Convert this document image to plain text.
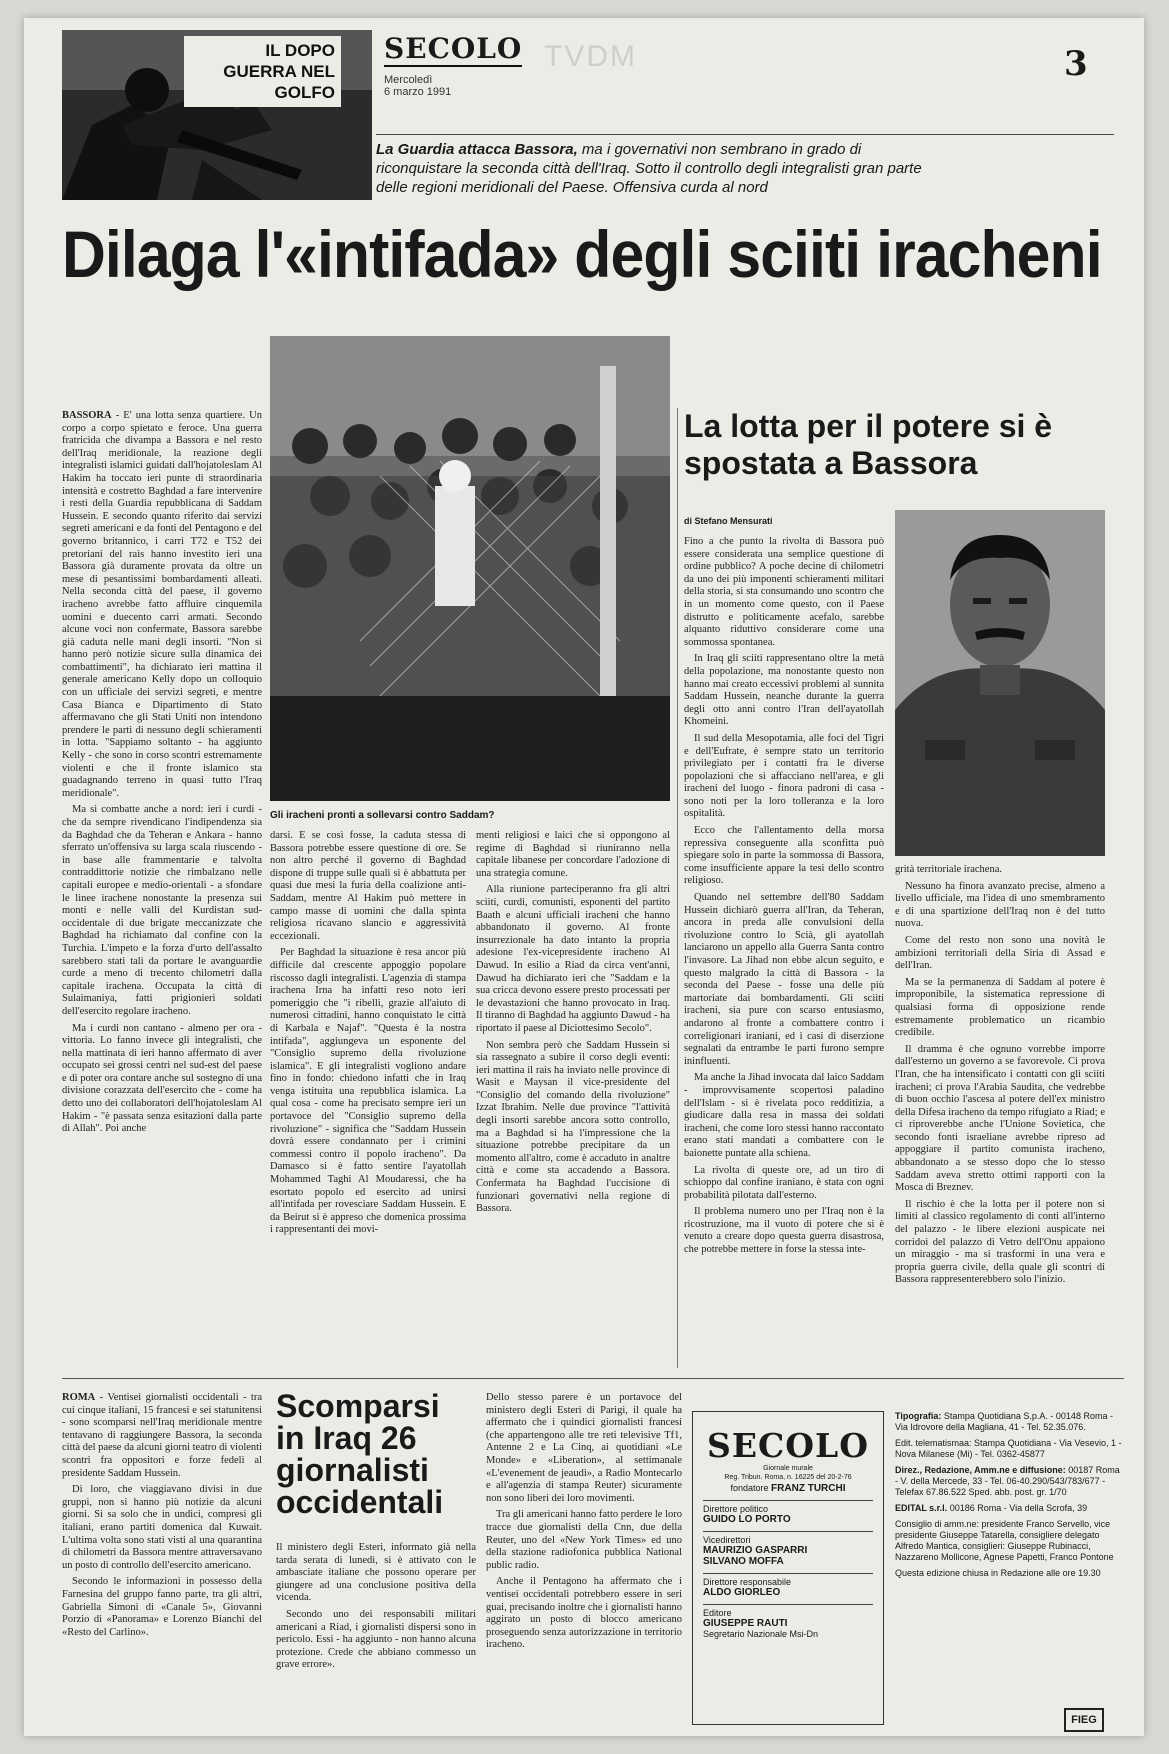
IL DOPO GUERRA NEL GOLFO
SECOLO
Mercoledì
6 marzo 1991
TVDM	3
La Guardia attacca Bassora, ma i governativi non sembrano in grado di riconquistare la seconda città dell'Iraq. Sotto il controllo degli integralisti gran parte delle regioni meridionali del Paese. Offensiva curda al nord
Dilaga l'«intifada» degli sciiti iracheni

BASSORA - E' una lotta senza quartiere. Un corpo a corpo spietato e feroce. Una guerra fratricida che divampa a Bassora e nel resto dell'Iraq meridionale, la reazione degli integralisti islamici guidati dall'hojatoleslam Al Hakim ha toccato ieri punte di straordinaria intensità e costretto Baghdad a fare intervenire i resti della Guardia repubblicana di Saddam Hussein. E secondo quanto riferito dai servizi segreti americani e da fonti del Pentagono e del governo britannico, i carri T72 e T52 dei pretoriani del raìs hanno investito ieri una Bassora già duramente provata da oltre un mese di pesantissimi bombardamenti alleati. Nella seconda città del paese, il governo iracheno avrebbe fatto affluire cinquemila uomini e duecento carri armati. Secondo alcune voci non confermate, Bassora sarebbe già caduta nelle mani degli insorti. "Non si hanno però notizie sicure sulla dinamica dei combattimenti", ha dichiarato ieri mattina il generale americano Kelly dopo un colloquio con un ufficiale dei servizi segreti, e mentre Casa Bianca e Dipartimento di Stato affermavano che gli Stati Uniti non intendono prendere le parti di nessuno degli schieramenti in lotta. "Sappiamo soltanto - ha aggiunto Kelly - che sono in corso scontri estremamente violenti e che il fronte islamico sta guadagnando terreno in quasi tutto l'Iraq meridionale".

Ma si combatte anche a nord: ieri i curdi - che da sempre rivendicano l'indipendenza sia da Baghdad che da Teheran e Ankara - hanno sferrato un'offensiva su larga scala riuscendo - in base alle frammentarie e talvolta contraddittorie notizie che rimbalzano nelle capitali europee e medio-orientali - a sfondare le linee irachene nonostante la presenza sui monti e nelle valli del Kurdistan sud-occidentale di due brigate meccanizzate che Baghdad ha richiamato dal confine con la Turchia. L'impeto e la forza d'urto dell'assalto sarebbero stati tali da portare le avanguardie curde a meno di trecento chilometri dalla capitale irachena. Occupata la città di Sulaimaniya, fatti prigionieri soldati dell'esercito regolare iracheno.

Ma i curdi non cantano - almeno per ora - vittoria. Lo fanno invece gli integralisti, che nella mattinata di ieri hanno affermato di aver occupato sei grossi centri nel sud-est del paese e di poter ora contare anche sul sostegno di una divisione corazzata dell'esercito che - come ha detto uno dei collaboratori dell'hojatoleslam Al Hakim - "è passata senza esitazioni dalla parte di Allah". Poi anche

Gli iracheni pronti a sollevarsi contro Saddam?

darsi. E se così fosse, la caduta stessa di Bassora potrebbe essere questione di ore. Se non altro perché il governo di Baghdad dispone di truppe sulle quali si è abbattuta per quasi due mesi la furia della coalizione anti-Saddam, mentre Al Hakim può mettere in campo masse di uomini che dalla spinta religiosa ricavano slancio e aggressività eccezionali.

Per Baghdad la situazione è resa ancor più difficile dal crescente appoggio popolare riscosso dagli integralisti. L'agenzia di stampa irachena Irna ha infatti reso noto ieri pomeriggio che "i ribelli, grazie all'aiuto di numerosi cittadini, hanno conquistato le città di Karbala e Najaf". "Questa è la nostra intifada", aggiungeva un esponente del "Consiglio supremo della rivoluzione islamica". E gli integralisti vogliono andare fino in fondo: chiedono infatti che in Iraq venga istituita una repubblica islamica. La qual cosa - come ha precisato sempre ieri un portavoce del "Consiglio supremo della rivoluzione" - significa che "Saddam Hussein dovrà essere condannato per i crimini commessi contro il popolo iracheno". Da Damasco si è fatto sentire l'ayatollah Mohammed Taghi Al Moudaressi, che ha esortato popolo ed esercito ad unirsi all'intifada per rovesciare Saddam Hussein. E da Beirut si è appreso che domenica prossima i rappresentanti dei movi-

menti religiosi e laici che si oppongono al regime di Baghdad si riuniranno nella capitale libanese per concordare l'adozione di una strategia comune.

Alla riunione parteciperanno fra gli altri sciiti, curdi, comunisti, esponenti del partito Baath e alcuni ufficiali iracheni che hanno abbandonato il governo. Al fronte insurrezionale ha dato intanto la propria adesione l'ex-vicepresidente iracheno Al Dawud. In esilio a Riad da circa vent'anni, Dawud ha dichiarato ieri che "Saddam e la sua cricca devono essere presto processati per le devastazioni che hanno provocato in Iraq. Il tiranno di Baghdad ha aggiunto Dawud - ha riportato il paese al Diciottesimo Secolo".

Non sembra però che Saddam Hussein si sia rassegnato a subire il corso degli eventi: ieri mattina il raìs ha inviato nelle province di Wasit e Maysan il vice-presidente del "Consiglio del comando della rivoluzione" Izzat Ibrahim. Nelle due province "l'attività degli insorti sarebbe ancora sotto controllo, ma a Baghdad si ha l'impressione che la situazione potrebbe precipitare da un momento all'altro, come è accaduto in analtre città e come sta accadendo a Bassora. Confermata ha Baghdad l'uccisione di funzionari governativi nella regione di Bassora.

La lotta per il potere si è spostata a Bassora
di Stefano Mensurati

Fino a che punto la rivolta di Bassora può essere considerata una semplice questione di ordine pubblico? A poche decine di chilometri da uno dei più imponenti schieramenti militari della storia, si sta consumando uno scontro che in un momento come questo, con il Paese distrutto e politicamente acefalo, sarebbe alquanto riduttivo considerare come una sommossa spontanea.

In Iraq gli sciiti rappresentano oltre la metà della popolazione, ma nonostante questo non hanno mai creato eccessivi problemi al sunnita Saddam Hussein, neanche durante la guerra degli otto anni contro l'Iran dell'ayatollah Khomeini.

Il sud della Mesopotamia, alle foci del Tigri e dell'Eufrate, è sempre stato un territorio privilegiato per i contatti fra le diverse popolazioni che si affacciano nell'area, e gli iracheni del luogo - finora padroni di casa - sono noti per la loro tolleranza e la loro ospitalità.

Ecco che l'allentamento della morsa repressiva conseguente alla sconfitta può spiegare solo in parte la sommossa di Bassora, come insufficiente appare la tesi dello scontro religioso.

Quando nel settembre dell'80 Saddam Hussein dichiarò guerra all'Iran, da Teheran, ancora in preda alle convulsioni della rivoluzione contro lo Scià, gli ayatollah lanciarono un appello alla Guerra Santa contro l'invasore. La Jihad non ebbe alcun seguito, e questo malgrado la città di Bassora - la seconda del Paese - fosse una delle più martoriate dai bombardamenti. Gli sciiti iracheni, sia pure con scarso entusiasmo, andarono al fronte a combattere contro i correligionari iraniani, ed i casi di diserzione segnalati da entrambe le parti furono sempre ininfluenti.

Ma anche la Jihad invocata dal laico Saddam - improvvisamente scopertosi paladino dell'Islam - si è rivelata poco redditizia, a giudicare dalla resa in massa dei soldati iracheni, che come loro stessi hanno raccontato erano stati mandati a combattere con le baionette puntate alla schiena.

La rivolta di queste ore, ad un tiro di schioppo dal confine iraniano, è stata con ogni probabilità pilotata dall'esterno.

Il problema numero uno per l'Iraq non è la ricostruzione, ma il vuoto di potere che si è venuto a creare dopo questa guerra disastrosa, che potrebbe mettere in forse la stessa inte-

grità territoriale irachena.

Nessuno ha finora avanzato precise, almeno a livello ufficiale, ma l'idea di uno smembramento e di una spartizione dell'Iraq non è del tutto nuova.

Come del resto non sono una novità le ambizioni territoriali della Siria di Assad e dell'Iran.

Ma se la permanenza di Saddam al potere è improponibile, la sistematica repressione di qualsiasi forma di opposizione rende estremamente problematico un ricambio credibile.

Il dramma è che ognuno vorrebbe imporre dall'esterno un governo a se favorevole. Ci prova l'Iran, che ha intensificato i contatti con gli sciiti iracheni; ci prova l'Arabia Saudita, che vedrebbe di buon occhio l'ascesa al potere dell'ex ministro della Difesa iracheno da tempo rifugiato a Riad; e ci riproverebbe anche l'Unione Sovietica, che secondo fonti israeliane avrebbe ripreso ad appoggiare il partito comunista iracheno, abbandonato a se stesso dopo che lo stesso Saddam aveva stretto ottimi rapporti con la Mosca di Breznev.

Il rischio è che la lotta per il potere non si limiti al classico regolamento di conti all'interno del palazzo - le libere elezioni auspicate nei corridoi del palazzo di Vetro dell'Onu appaiono un miraggio - ma si trasformi in una vera e propria guerra civile, della quale gli scontri di Bassora rappresenterebbero solo l'inizio.

ROMA - Ventisei giornalisti occidentali - tra cui cinque italiani, 15 francesi e sei statunitensi - sono scomparsi nell'Iraq meridionale mentre tentavano di raggiungere Bassora, la seconda città del paese da alcuni giorni teatro di violenti scontri fra oppositori e forze fedeli al presidente Saddam Hussein.

Di loro, che viaggiavano divisi in due gruppi, non si hanno più notizie da alcuni giorni. Si sa solo che in undici, compresi gli italiani, erano partiti domenica dal Kuwait. L'ultima volta sono stati visti al una quarantina di chilometri da Bassora mentre attraversavano un posto di controllo dell'esercito americano.

Secondo le informazioni in possesso della Farnesina del gruppo fanno parte, tra gli altri, Gabriella Simoni di «Canale 5», Giovanni Porzio di «Panorama» e Lorenzo Bianchi del «Resto del Carlino».

Scomparsi in Iraq 26 giornalisti occidentali

Il ministero degli Esteri, informato già nella tarda serata di lunedì, si è attivato con le ambasciate italiane che possono operare per giungere ad una conclusione positiva della vicenda.

Secondo uno dei responsabili militari americani a Riad, i giornalisti dispersi sono in pericolo. Essi - ha aggiunto - non hanno alcuna protezione. Crede che abbiano commesso un grave errore».

Dello stesso parere è un portavoce del ministero degli Esteri di Parigi, il quale ha affermato che i quindici giornalisti francesi (che appartengono alle tre reti televisive Tf1, Antenne 2 e La Cinq, ai quotidiani «Le Monde» e «Liberation», al settimanale «L'evenement de jeaudi», a Radio Montecarlo e all'agenzia di stampa Reuter) sicuramente non sono liberi dei loro movimenti.

Tra gli americani hanno fatto perdere le loro tracce due giornalisti della Cnn, due della Reuter, uno del «New York Times» ed uno della stazione radiofonica pubblica National public radio.

Anche il Pentagono ha affermato che i ventisei occidentali potrebbero essere in seri guai, precisando inoltre che i giornalisti hanno aggirato un posto di blocco americano proseguendo senza autorizzazione in territorio iracheno.

SECOLO
Giornale murale
Reg. Tribun. Roma, n. 16225 del 20-2-76
fondatore FRANZ TURCHI
Direttore politico
GUIDO LO PORTO
Vicedirettori
MAURIZIO GASPARRI
SILVANO MOFFA
Direttore responsabile
ALDO GIORLEO
Editore
GIUSEPPE RAUTI
Segretario Nazionale Msi-Dn

Tipografia: Stampa Quotidiana S.p.A. - 00148 Roma - Via Idrovore della Magliana, 41 - Tel. 52.35.076.

Edit. telematismaa: Stampa Quotidiana - Via Vesevio, 1 - Nova Milanese (Mi) - Tel. 0362-45877

Direz., Redazione, Amm.ne e diffusione: 00187 Roma - V. della Mercede, 33 - Tel. 06-40.290/543/783/677 - Telefax 67.86.522 Sped. abb. post. gr. 1/70

EDITAL s.r.l. 00186 Roma - Via della Scrofa, 39

Consiglio di amm.ne: presidente Franco Servello, vice presidente Giuseppe Tatarella, consigliere delegato Alfredo Mantica, consiglieri: Giuseppe Rubinacci, Nazzareno Mollicone, Agnese Papetti, Franco Pontone

Questa edizione chiusa in Redazione alle ore 19.30

FIEG
